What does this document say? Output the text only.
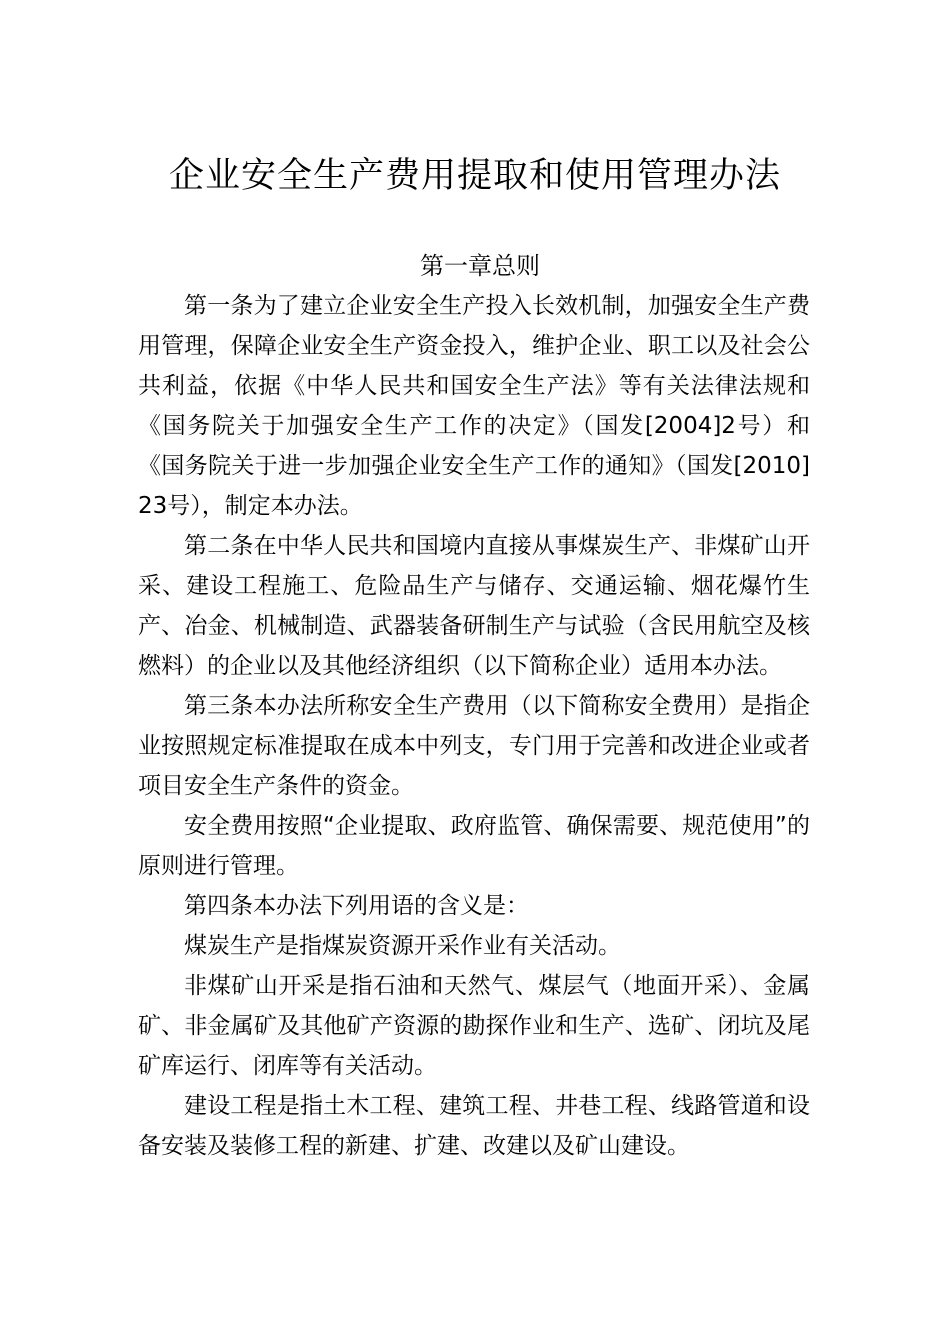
企业安全生产费用提取和使用管理办法
第一章总则

第一条为了建立企业安全生产投入长效机制，加强安全生产费用管理，保障企业安全生产资金投入，维护企业、职工以及社会公共利益，依据《中华人民共和国安全生产法》等有关法律法规和《国务院关于加强安全生产工作的决定》（国发[2004]2号）和《国务院关于进一步加强企业安全生产工作的通知》（国发[2010]23号），制定本办法。

第二条在中华人民共和国境内直接从事煤炭生产、非煤矿山开采、建设工程施工、危险品生产与储存、交通运输、烟花爆竹生产、冶金、机械制造、武器装备研制生产与试验（含民用航空及核燃料）的企业以及其他经济组织（以下简称企业）适用本办法。

第三条本办法所称安全生产费用（以下简称安全费用）是指企业按照规定标准提取在成本中列支，专门用于完善和改进企业或者项目安全生产条件的资金。

安全费用按照“企业提取、政府监管、确保需要、规范使用”的原则进行管理。

第四条本办法下列用语的含义是：

煤炭生产是指煤炭资源开采作业有关活动。

非煤矿山开采是指石油和天然气、煤层气（地面开采）、金属矿、非金属矿及其他矿产资源的勘探作业和生产、选矿、闭坑及尾矿库运行、闭库等有关活动。

建设工程是指土木工程、建筑工程、井巷工程、线路管道和设备安装及装修工程的新建、扩建、改建以及矿山建设。
